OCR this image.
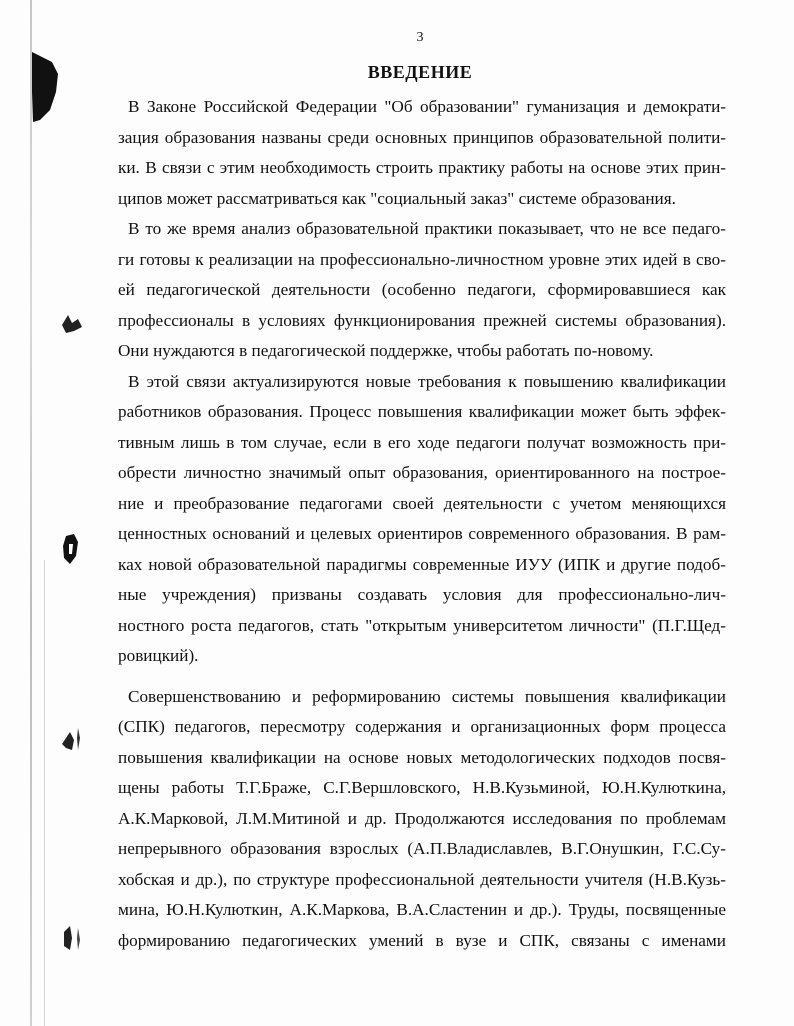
3
ВВЕДЕНИЕ
В Законе Российской Федерации "Об образовании" гуманизация и демократи-
зация образования названы среди основных принципов образовательной полити-
ки. В связи с этим необходимость строить практику работы на основе этих прин-
ципов может рассматриваться как "социальный заказ" системе образования.
В то же время анализ образовательной практики показывает, что не все педаго-
ги готовы к реализации на профессионально-личностном уровне этих идей в сво-
ей педагогической деятельности (особенно педагоги, сформировавшиеся как
профессионалы в условиях функционирования прежней системы образования).
Они нуждаются в педагогической поддержке, чтобы работать по-новому.
В этой связи актуализируются новые требования к повышению квалификации
работников образования. Процесс повышения квалификации может быть эффек-
тивным лишь в том случае, если в его ходе педагоги получат возможность при-
обрести личностно значимый опыт образования, ориентированного на построе-
ние и преобразование педагогами своей деятельности с учетом меняющихся
ценностных оснований и целевых ориентиров современного образования. В рам-
ках новой образовательной парадигмы современные ИУУ (ИПК и другие подоб-
ные учреждения) призваны создавать условия для профессионально-лич-
ностного роста педагогов, стать "открытым университетом личности" (П.Г.Щед-
ровицкий).
Совершенствованию и реформированию системы повышения квалификации
(СПК) педагогов, пересмотру содержания и организационных форм процесса
повышения квалификации на основе новых методологических подходов посвя-
щены работы Т.Г.Браже, С.Г.Вершловского, Н.В.Кузьминой, Ю.Н.Кулюткина,
А.К.Марковой, Л.М.Митиной и др. Продолжаются исследования по проблемам
непрерывного образования взрослых (А.П.Владиславлев, В.Г.Онушкин, Г.С.Су-
хобская и др.), по структуре профессиональной деятельности учителя (Н.В.Кузь-
мина, Ю.Н.Кулюткин, А.К.Маркова, В.А.Сластенин и др.). Труды, посвященные
формированию педагогических умений в вузе и СПК, связаны с именами
